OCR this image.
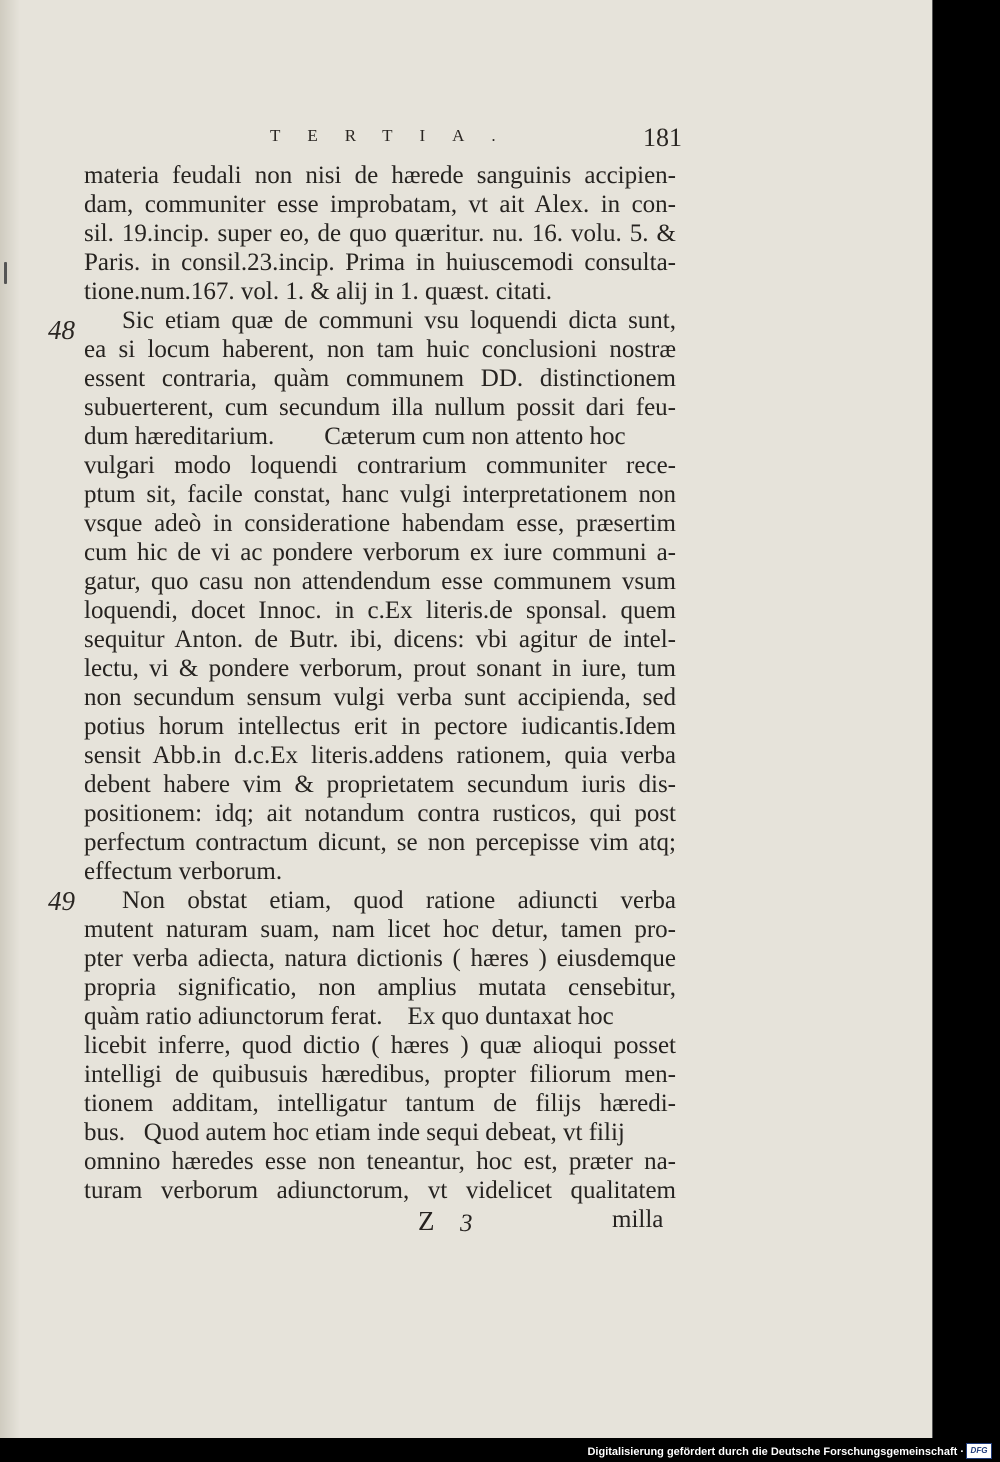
TERTIA.	181
48
49
materia feudali non nisi de hærede sanguinis accipien-
dam, communiter esse improbatam, vt ait Alex. in con-
sil. 19.incip. super eo, de quo quæritur. nu. 16. volu. 5. &
Paris. in consil.23.incip. Prima in huiuscemodi consulta-
tione.num.167. vol. 1. & alij in 1. quæst. citati.
Sic etiam quæ de communi vsu loquendi dicta sunt,
ea si locum haberent, non tam huic conclusioni nostræ
essent contraria, quàm communem DD. distinctionem
subuerterent, cum secundum illa nullum possit dari feu-
dum hæreditarium.        Cæterum cum non attento hoc
vulgari modo loquendi contrarium communiter rece-
ptum sit, facile constat, hanc vulgi interpretationem non
vsque adeò in consideratione habendam esse, præsertim
cum hic de vi ac pondere verborum ex iure communi a-
gatur, quo casu non attendendum esse communem vsum
loquendi, docet Innoc. in c.Ex literis.de sponsal. quem
sequitur Anton. de Butr. ibi, dicens: vbi agitur de intel-
lectu, vi & pondere verborum, prout sonant in iure, tum
non secundum sensum vulgi verba sunt accipienda, sed
potius horum intellectus erit in pectore iudicantis.Idem
sensit Abb.in d.c.Ex literis.addens rationem, quia verba
debent habere vim & proprietatem secundum iuris dis-
positionem: idq; ait notandum contra rusticos, qui post
perfectum contractum dicunt, se non percepisse vim atq;
effectum verborum.
Non obstat etiam, quod ratione adiuncti verba
mutent naturam suam, nam licet hoc detur, tamen pro-
pter verba adiecta, natura dictionis ( hæres ) eiusdemque
propria significatio, non amplius mutata censebitur,
quàm ratio adiunctorum ferat.    Ex quo duntaxat hoc
licebit inferre, quod dictio ( hæres ) quæ alioqui posset
intelligi de quibusuis hæredibus, propter filiorum men-
tionem additam, intelligatur tantum de filijs hæredi-
bus.   Quod autem hoc etiam inde sequi debeat, vt filij
omnino hæredes esse non teneantur, hoc est, præter na-
turam verborum adiunctorum, vt videlicet qualitatem
Z 3	milla
Digitalisierung gefördert durch die Deutsche Forschungsgemeinschaft · DFG
